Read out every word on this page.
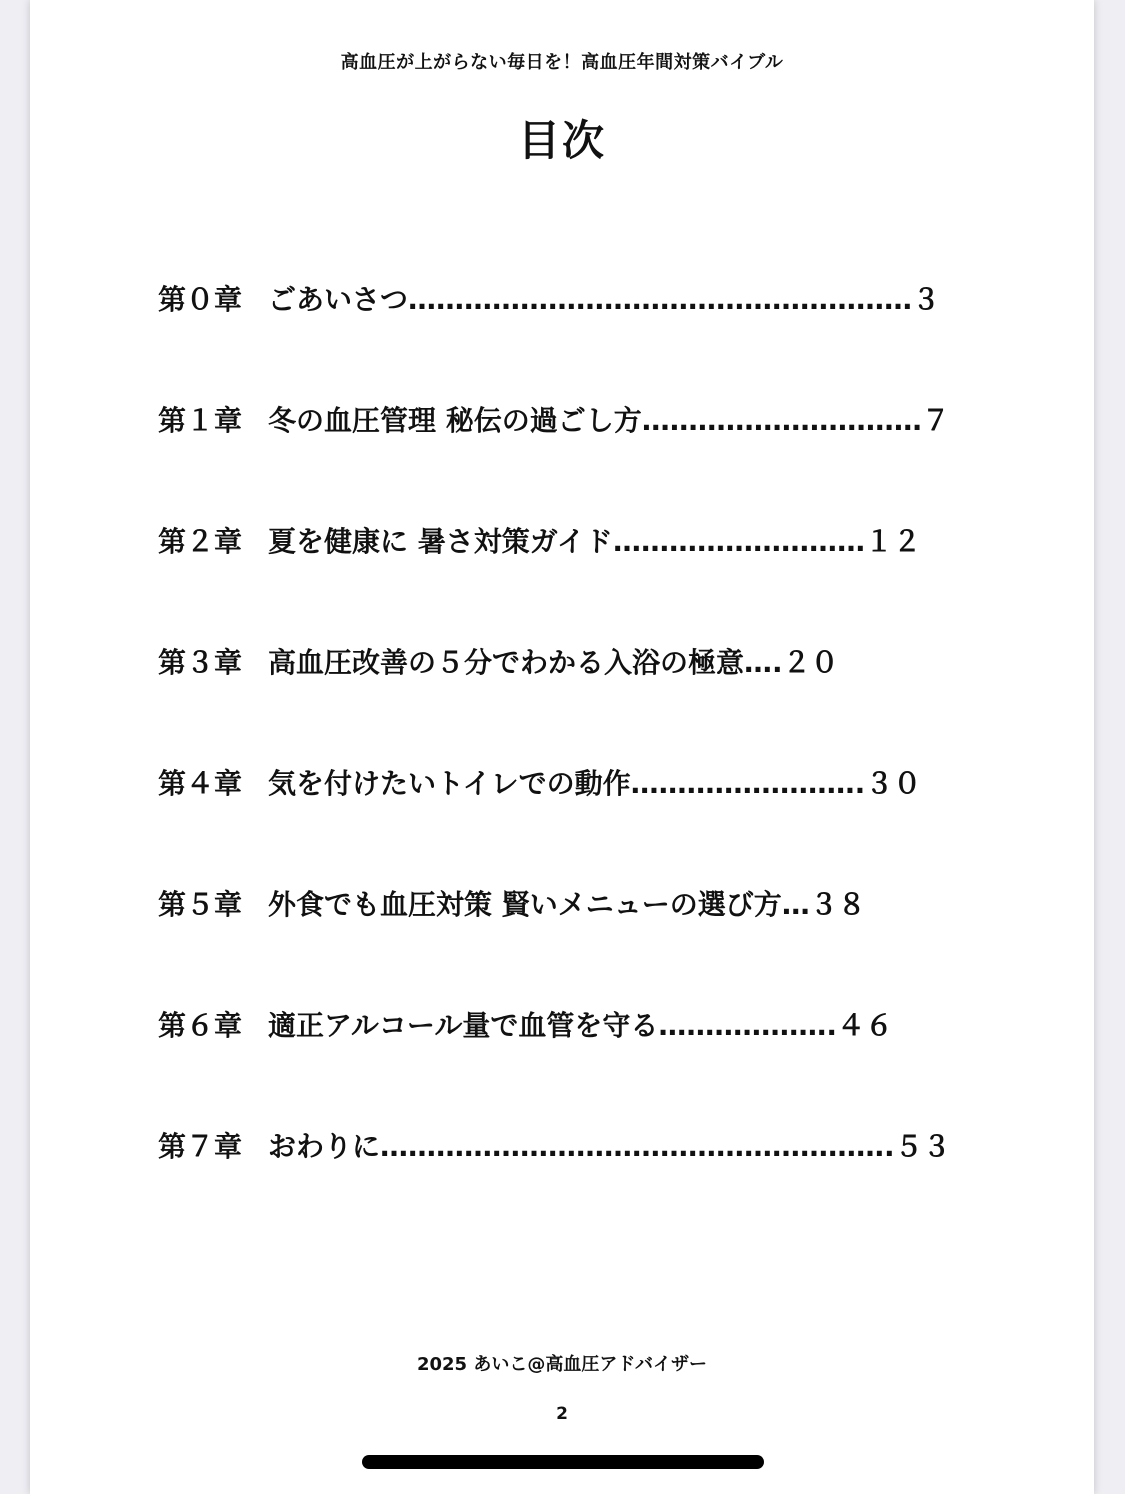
高血圧が上がらない毎日を！高血圧年間対策バイブル
目次
第０章 ごあいさつ………………………………………………３
第１章 冬の血圧管理 秘伝の過ごし方…………………………７
第２章 夏を健康に 暑さ対策ガイド………………………１２
第３章 高血圧改善の５分でわかる入浴の極意….２０
第４章 気を付けたいトイレでの動作…………………….３０
第５章 外食でも血圧対策 賢いメニューの選び方…３８
第６章 適正アルコール量で血管を守る……………….４６
第７章 おわりに……………………………………………….５３
2025 あいこ@高血圧アドバイザー
2
